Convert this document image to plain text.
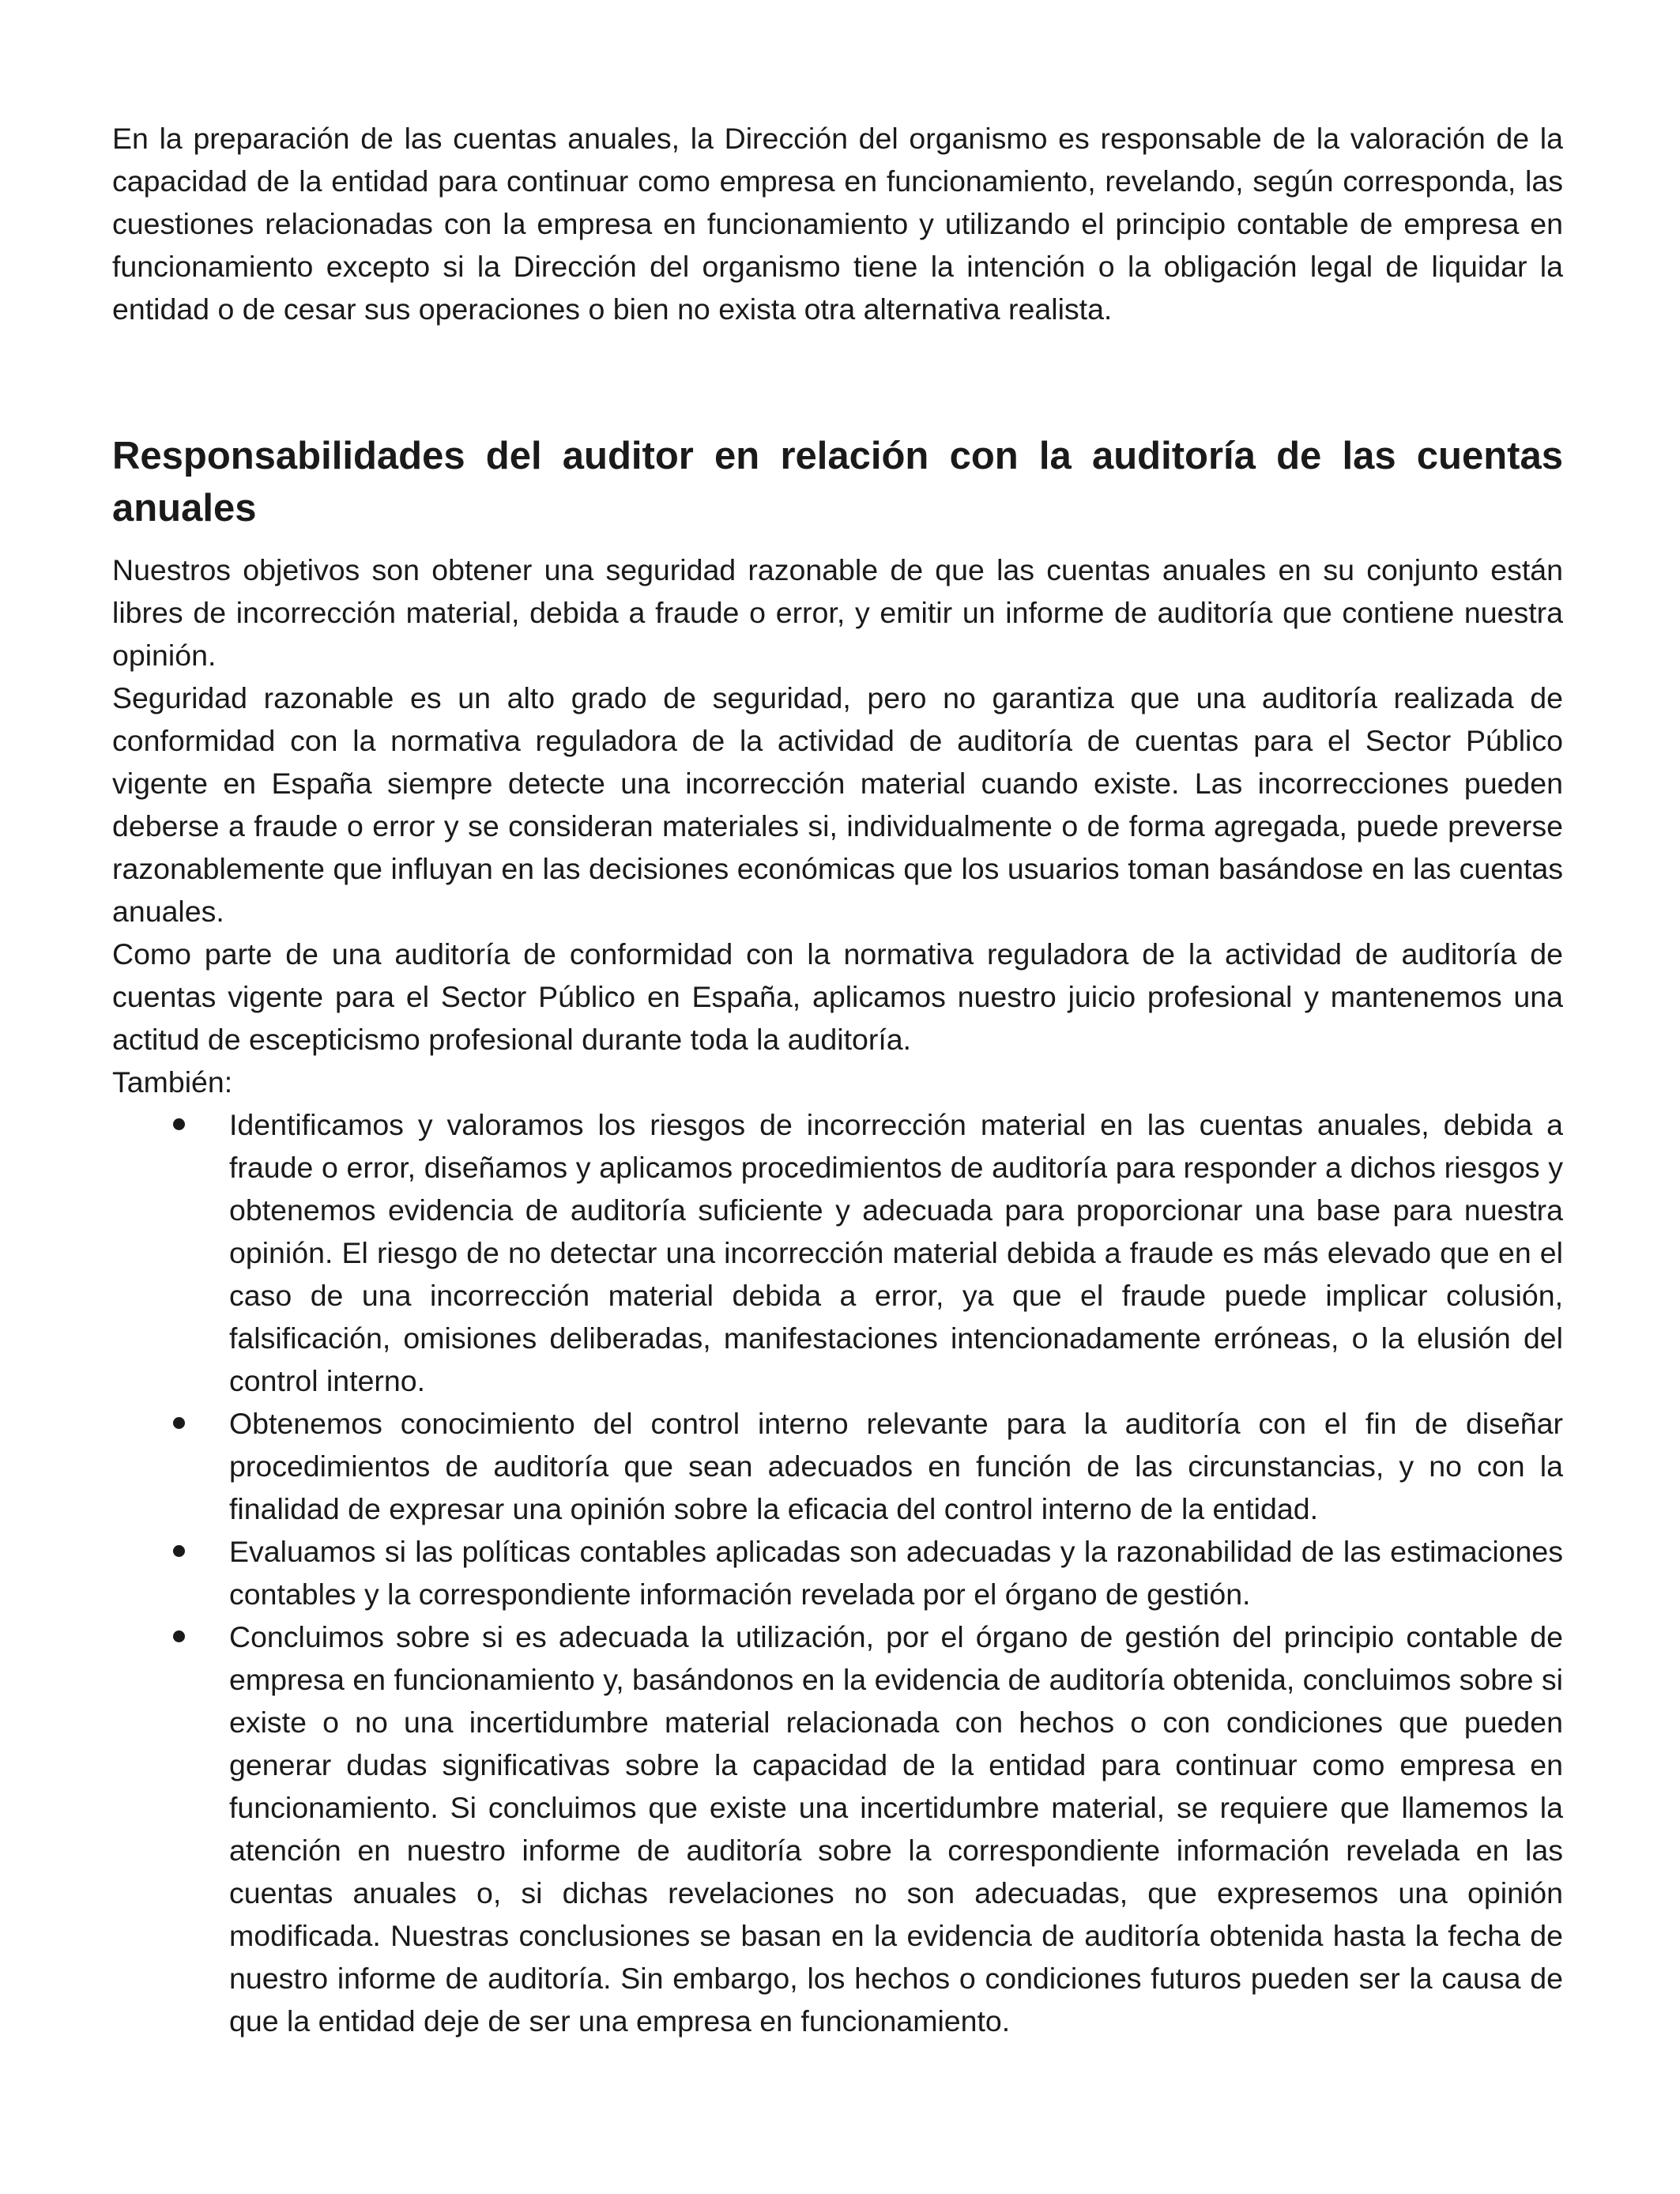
En la preparación de las cuentas anuales, la Dirección del organismo es responsable de la valoración de la capacidad de la entidad para continuar como empresa en funcionamiento, revelando, según corresponda, las cuestiones relacionadas con la empresa en funcionamiento y utilizando el principio contable de empresa en funcionamiento excepto si la Dirección del organismo tiene la intención o la obligación legal de liquidar la entidad o de cesar sus operaciones o bien no exista otra alternativa realista.

Responsabilidades del auditor en relación con la auditoría de las cuentas anuales

Nuestros objetivos son obtener una seguridad razonable de que las cuentas anuales en su conjunto están libres de incorrección material, debida a fraude o error, y emitir un informe de auditoría que contiene nuestra opinión.

Seguridad razonable es un alto grado de seguridad, pero no garantiza que una auditoría realizada de conformidad con la normativa reguladora de la actividad de auditoría de cuentas para el Sector Público vigente en España siempre detecte una incorrección material cuando existe. Las incorrecciones pueden deberse a fraude o error y se consideran materiales si, individualmente o de forma agregada, puede preverse razonablemente que influyan en las decisiones económicas que los usuarios toman basándose en las cuentas anuales.

Como parte de una auditoría de conformidad con la normativa reguladora de la actividad de auditoría de cuentas vigente para el Sector Público en España, aplicamos nuestro juicio profesional y mantenemos una actitud de escepticismo profesional durante toda la auditoría.

También:

Identificamos y valoramos los riesgos de incorrección material en las cuentas anuales, debida a fraude o error, diseñamos y aplicamos procedimientos de auditoría para responder a dichos riesgos y obtenemos evidencia de auditoría suficiente y adecuada para proporcionar una base para nuestra opinión. El riesgo de no detectar una incorrección material debida a fraude es más elevado que en el caso de una incorrección material debida a error, ya que el fraude puede implicar colusión, falsificación, omisiones deliberadas, manifestaciones intencionadamente erróneas, o la elusión del control interno.
Obtenemos conocimiento del control interno relevante para la auditoría con el fin de diseñar procedimientos de auditoría que sean adecuados en función de las circunstancias, y no con la finalidad de expresar una opinión sobre la eficacia del control interno de la entidad.
Evaluamos si las políticas contables aplicadas son adecuadas y la razonabilidad de las estimaciones contables y la correspondiente información revelada por el órgano de gestión.
Concluimos sobre si es adecuada la utilización, por el órgano de gestión del principio contable de empresa en funcionamiento y, basándonos en la evidencia de auditoría obtenida, concluimos sobre si existe o no una incertidumbre material relacionada con hechos o con condiciones que pueden generar dudas significativas sobre la capacidad de la entidad para continuar como empresa en funcionamiento. Si concluimos que existe una incertidumbre material, se requiere que llamemos la atención en nuestro informe de auditoría sobre la correspondiente información revelada en las cuentas anuales o, si dichas revelaciones no son adecuadas, que expresemos una opinión modificada. Nuestras conclusiones se basan en la evidencia de auditoría obtenida hasta la fecha de nuestro informe de auditoría. Sin embargo, los hechos o condiciones futuros pueden ser la causa de que la entidad deje de ser una empresa en funcionamiento.
